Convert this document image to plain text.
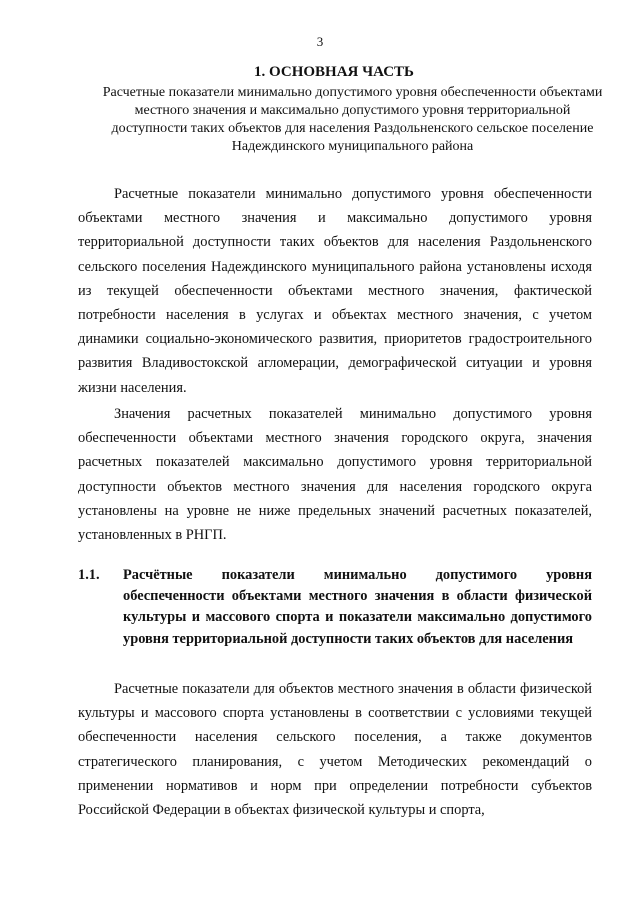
3
1. ОСНОВНАЯ ЧАСТЬ
Расчетные показатели минимально допустимого уровня обеспеченности объектами местного значения и максимально допустимого уровня территориальной доступности таких объектов для населения Раздольненского сельское поселение Надеждинского муниципального района

Расчетные показатели минимально допустимого уровня обеспеченности объектами местного значения и максимально допустимого уровня территориальной доступности таких объектов для населения Раздольненского сельского поселения Надеждинского муниципального района установлены исходя из текущей обеспеченности объектами местного значения, фактической потребности населения в услугах и объектах местного значения, с учетом динамики социально-экономического развития, приоритетов градостроительного развития Владивостокской агломерации, демографической ситуации и уровня жизни населения.

Значения расчетных показателей минимально допустимого уровня обеспеченности объектами местного значения городского округа, значения расчетных показателей максимально допустимого уровня территориальной доступности объектов местного значения для населения городского округа установлены на уровне не ниже предельных значений расчетных показателей, установленных в РНГП.

1.1. Расчётные показатели минимально допустимого уровня обеспеченности объектами местного значения в области физической культуры и массового спорта и показатели максимально допустимого уровня территориальной доступности таких объектов для населения

Расчетные показатели для объектов местного значения в области физической культуры и массового спорта установлены в соответствии с условиями текущей обеспеченности населения сельского поселения, а также документов стратегического планирования, с учетом Методических рекомендаций о применении нормативов и норм при определении потребности субъектов Российской Федерации в объектах физической культуры и спорта,
